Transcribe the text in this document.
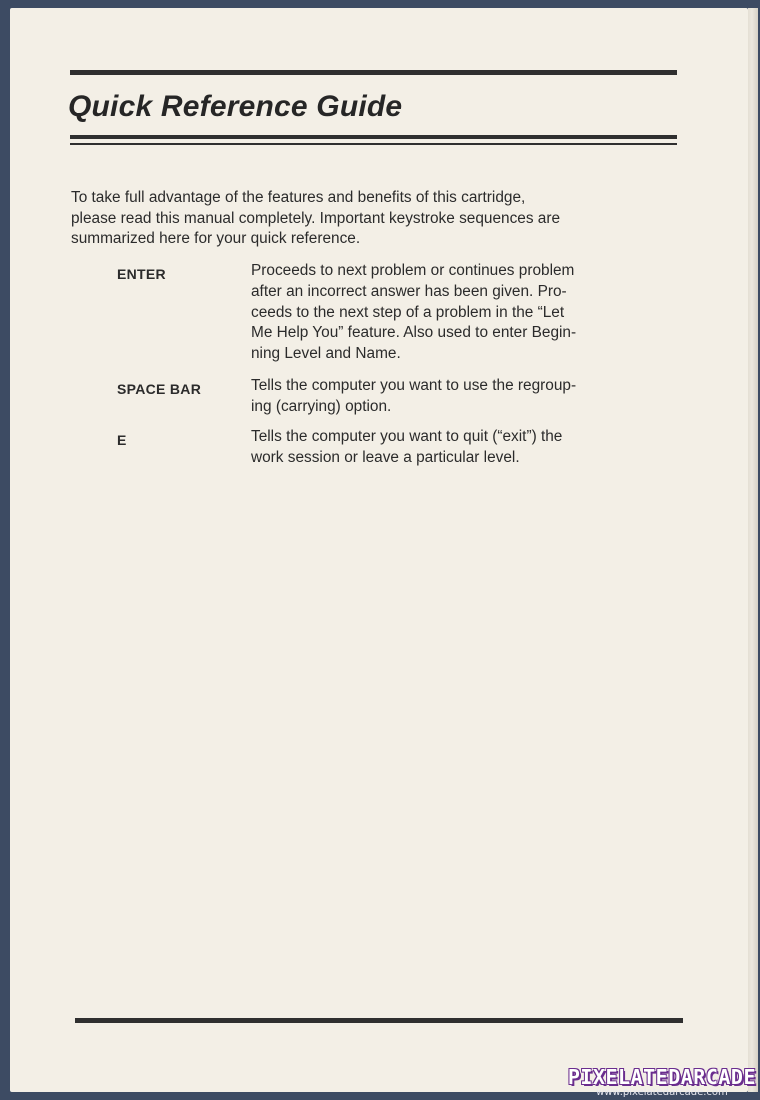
Quick Reference Guide

To take full advantage of the features and benefits of this cartridge,
please read this manual completely. Important keystroke sequences are
summarized here for your quick reference.

ENTER	Proceeds to next problem or continues problem
after an incorrect answer has been given. Pro-
ceeds to the next step of a problem in the “Let
Me Help You” feature. Also used to enter Begin-
ning Level and Name.

SPACE BAR	Tells the computer you want to use the regroup-
ing (carrying) option.

E	Tells the computer you want to quit (“exit”) the
work session or leave a particular level.

PIXELATEDARCADE
www.pixelatedarcade.com
